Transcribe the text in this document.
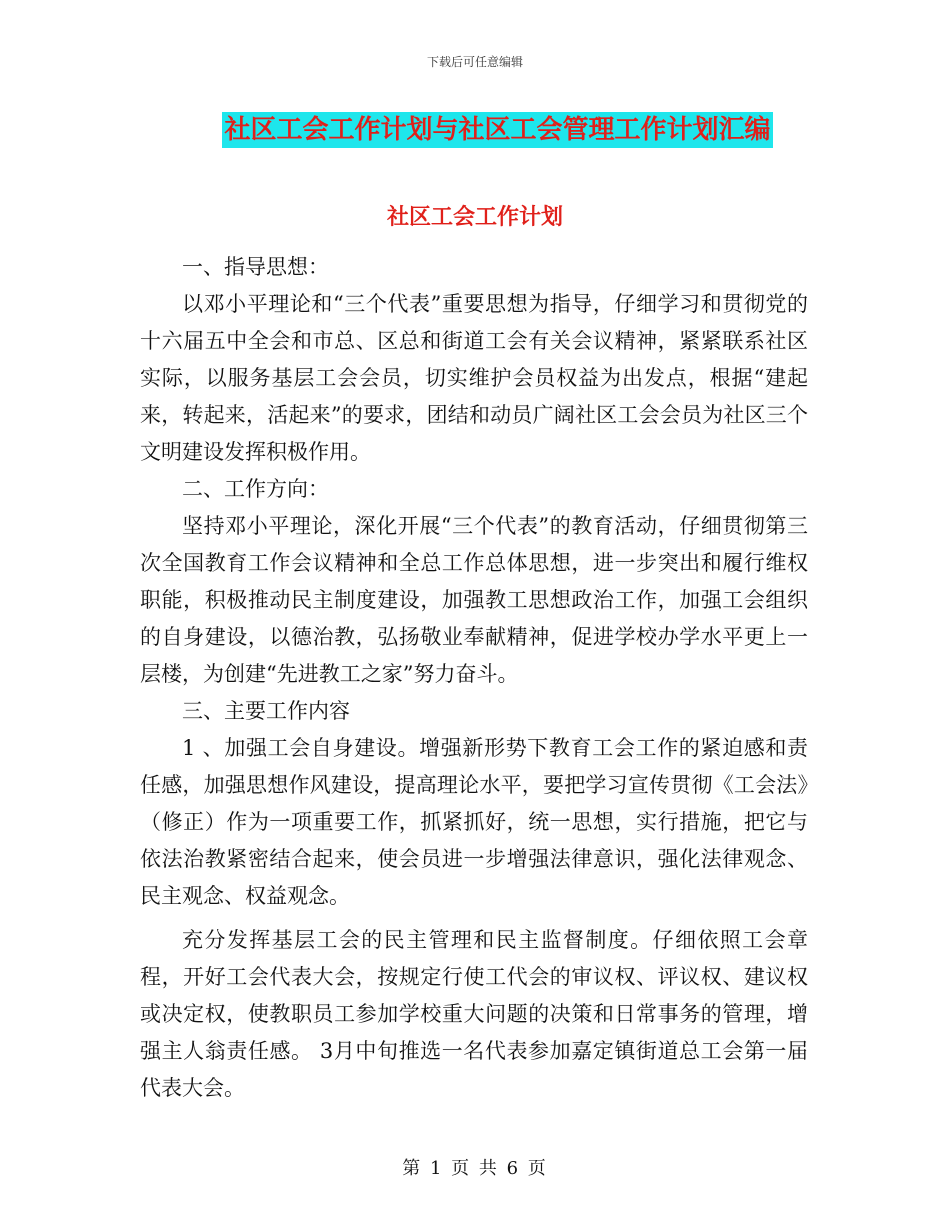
下载后可任意编辑
社区工会工作计划与社区工会管理工作计划汇编
社区工会工作计划

一、指导思想：

以邓小平理论和“三个代表”重要思想为指导，仔细学习和贯彻党的十六届五中全会和市总、区总和街道工会有关会议精神，紧紧联系社区实际，以服务基层工会会员，切实维护会员权益为出发点，根据“建起来，转起来，活起来”的要求，团结和动员广阔社区工会会员为社区三个文明建设发挥积极作用。

二、工作方向：

坚持邓小平理论，深化开展“三个代表”的教育活动，仔细贯彻第三次全国教育工作会议精神和全总工作总体思想，进一步突出和履行维权职能，积极推动民主制度建设，加强教工思想政治工作，加强工会组织的自身建设，以德治教，弘扬敬业奉献精神，促进学校办学水平更上一层楼，为创建“先进教工之家”努力奋斗。

三、主要工作内容

1 、加强工会自身建设。增强新形势下教育工会工作的紧迫感和责任感，加强思想作风建设，提高理论水平，要把学习宣传贯彻《工会法》（修正）作为一项重要工作，抓紧抓好，统一思想，实行措施，把它与依法治教紧密结合起来，使会员进一步增强法律意识，强化法律观念、民主观念、权益观念。

充分发挥基层工会的民主管理和民主监督制度。仔细依照工会章程，开好工会代表大会，按规定行使工代会的审议权、评议权、建议权或决定权，使教职员工参加学校重大问题的决策和日常事务的管理，增强主人翁责任感。 3月中旬推选一名代表参加嘉定镇街道总工会第一届代表大会。

第 1 页 共 6 页
